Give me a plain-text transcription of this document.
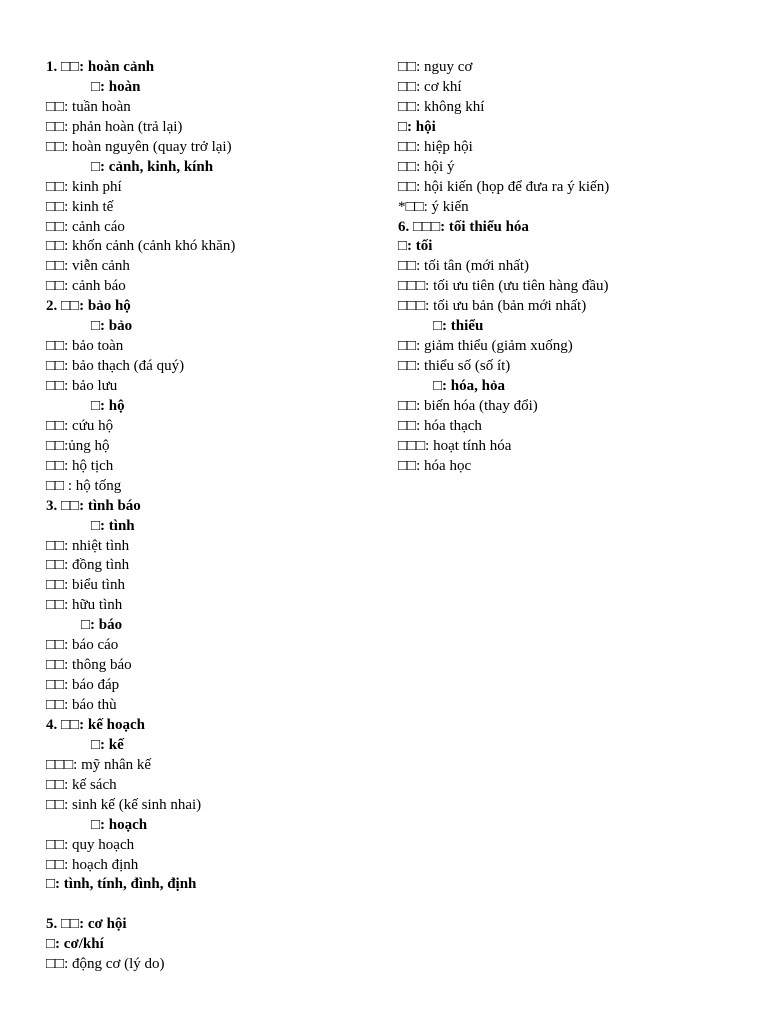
1. □□: hoàn cảnh
□: hoàn
□□: tuần hoàn
□□: phản hoàn (trả lại)
□□: hoàn nguyên (quay trở lại)
□: cảnh, kinh, kính
□□: kinh phí
□□: kinh tế
□□: cảnh cáo
□□: khốn cảnh (cảnh khó khăn)
□□: viễn cảnh
□□: cảnh báo
2. □□: bảo hộ
□: bảo
□□: bảo toàn
□□: bảo thạch (đá quý)
□□: bảo lưu
□: hộ
□□: cứu hộ
□□:ủng hộ
□□: hộ tịch
□□ : hộ tống
3. □□: tình báo
□: tình
□□: nhiệt tình
□□: đồng tình
□□: biểu tình
□□: hữu tình
□: báo
□□: báo cáo
□□: thông báo
□□: báo đáp
□□: báo thù
4. □□: kế hoạch
□: kế
□□□: mỹ nhân kế
□□: kế sách
□□: sinh kế (kế sinh nhai)
□: hoạch
□□: quy hoạch
□□: hoạch định
□: tình, tính, đình, định
5. □□: cơ hội
□: cơ/khí
□□: động cơ (lý do)
□□: nguy cơ
□□: cơ khí
□□: không khí
□: hội
□□: hiệp hội
□□: hội ý
□□: hội kiến (họp để đưa ra ý kiến)
*□□: ý kiến
6. □□□: tối thiểu hóa
□: tối
□□: tối tân (mới nhất)
□□□: tối ưu tiên (ưu tiên hàng đầu)
□□□: tối ưu bản (bản mới nhất)
□: thiểu
□□: giảm thiểu (giảm xuống)
□□: thiểu số (số ít)
□: hóa, hỏa
□□: biến hóa (thay đổi)
□□: hóa thạch
□□□: hoạt tính hóa
□□: hóa học
